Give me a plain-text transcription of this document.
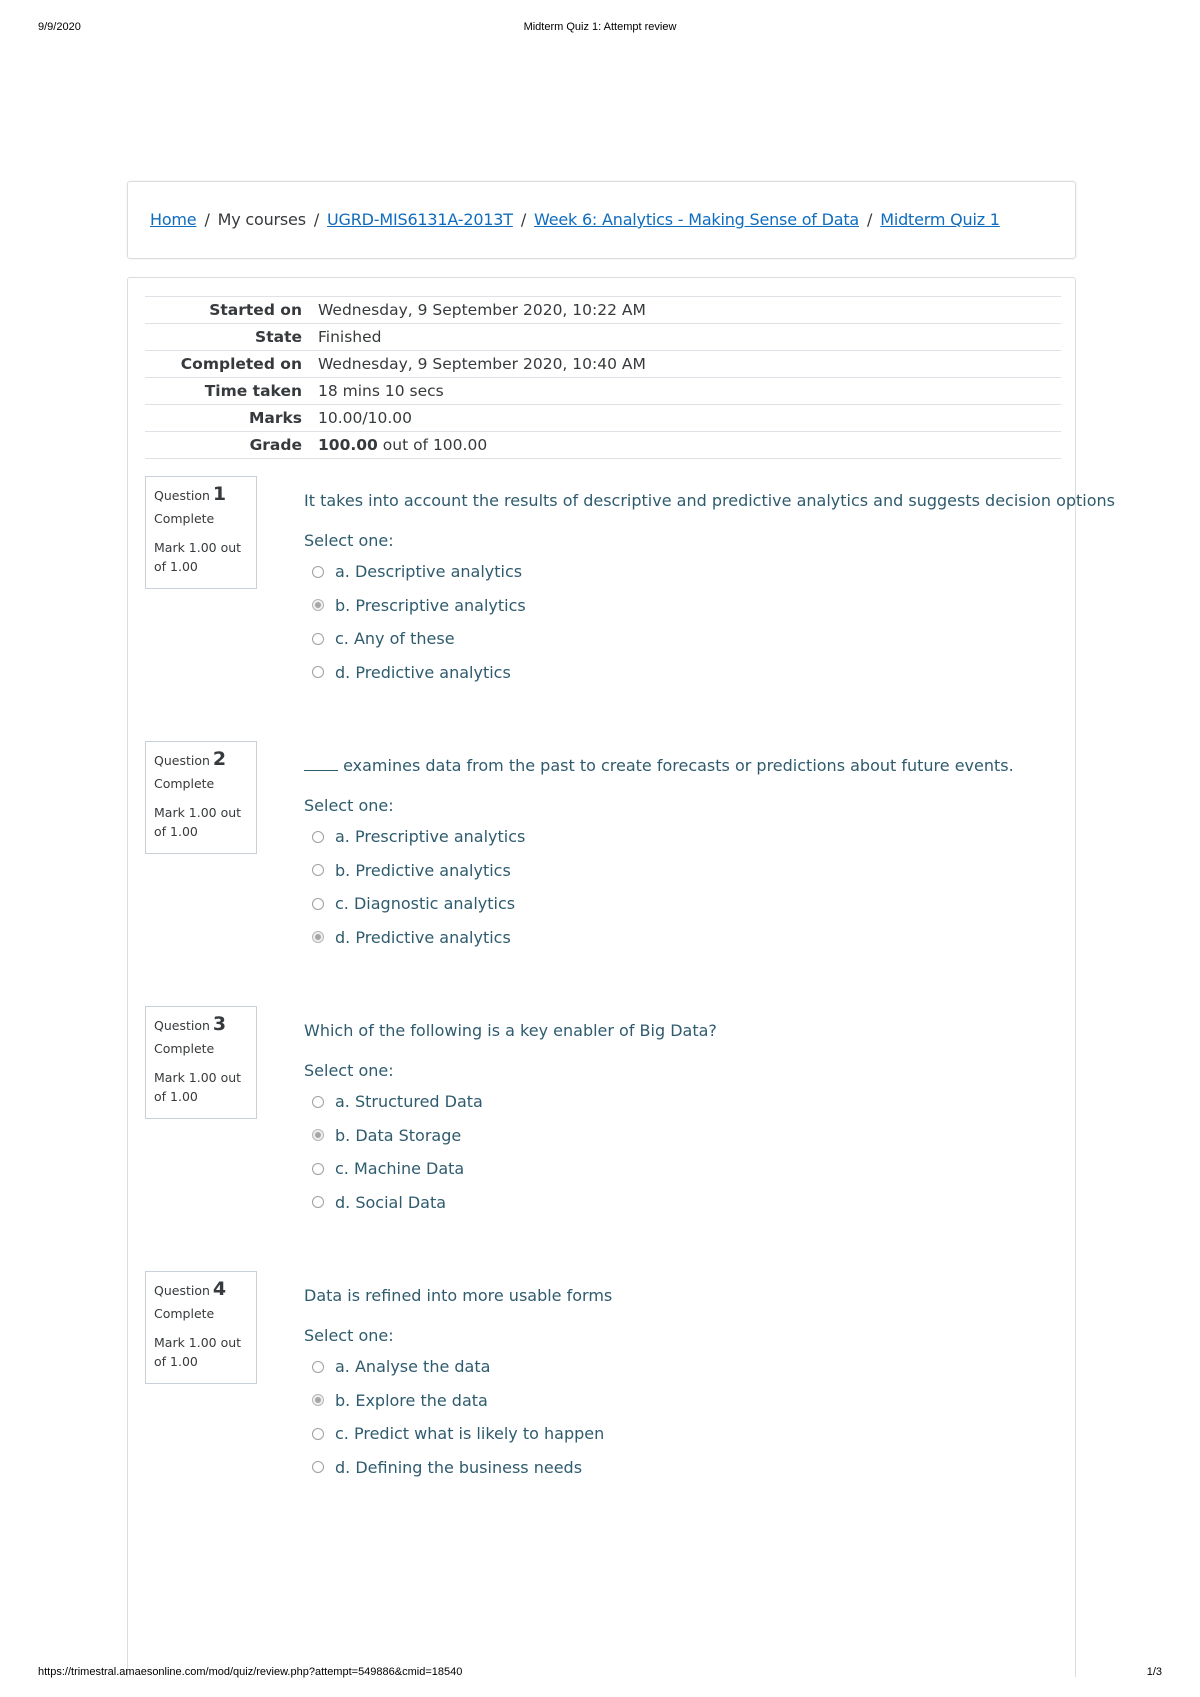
9/9/2020	Midterm Quiz 1: Attempt review
Home / My courses / UGRD-MIS6131A-2013T / Week 6: Analytics - Making Sense of Data / Midterm Quiz 1
Started on	Wednesday, 9 September 2020, 10:22 AM
State	Finished
Completed on	Wednesday, 9 September 2020, 10:40 AM
Time taken	18 mins 10 secs
Marks	10.00/10.00
Grade	100.00 out of 100.00
Question 1
Complete
Mark 1.00 out of 1.00
It takes into account the results of descriptive and predictive analytics and suggests decision options
Select one:
a. Descriptive analytics
b. Prescriptive analytics
c. Any of these
d. Predictive analytics
Question 2
Complete
Mark 1.00 out of 1.00
examines data from the past to create forecasts or predictions about future events.
Select one:
a. Prescriptive analytics
b. Predictive analytics
c. Diagnostic analytics
d. Predictive analytics
Question 3
Complete
Mark 1.00 out of 1.00
Which of the following is a key enabler of Big Data?
Select one:
a. Structured Data
b. Data Storage
c. Machine Data
d. Social Data
Question 4
Complete
Mark 1.00 out of 1.00
Data is refined into more usable forms
Select one:
a. Analyse the data
b. Explore the data
c. Predict what is likely to happen
d. Defining the business needs
https://trimestral.amaesonline.com/mod/quiz/review.php?attempt=549886&cmid=18540	1/3
